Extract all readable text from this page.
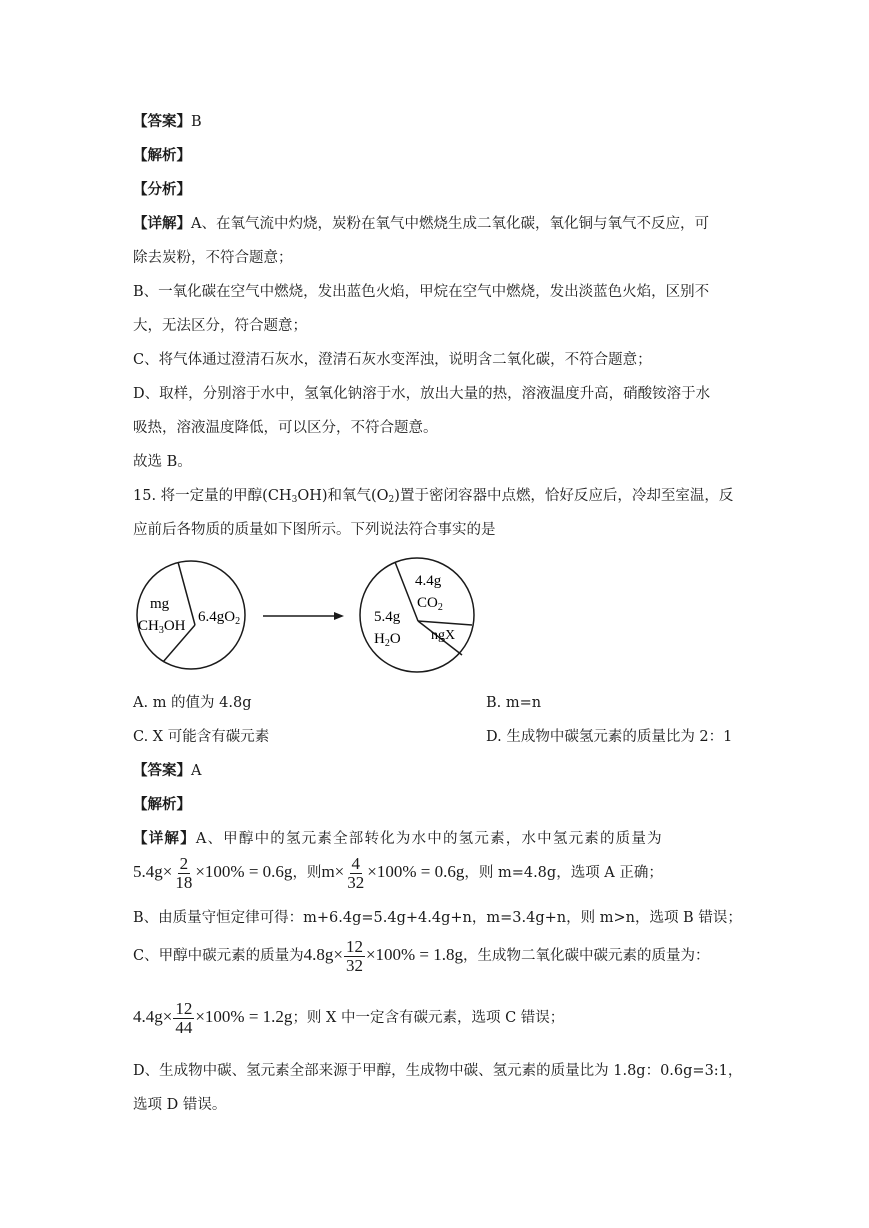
【答案】B
【解析】
【分析】
【详解】A、在氧气流中灼烧，炭粉在氧气中燃烧生成二氧化碳，氧化铜与氧气不反应，可
除去炭粉，不符合题意；
B、一氧化碳在空气中燃烧，发出蓝色火焰，甲烷在空气中燃烧，发出淡蓝色火焰，区别不
大，无法区分，符合题意；
C、将气体通过澄清石灰水，澄清石灰水变浑浊，说明含二氧化碳，不符合题意；
D、取样，分别溶于水中，氢氧化钠溶于水，放出大量的热，溶液温度升高，硝酸铵溶于水
吸热，溶液温度降低，可以区分，不符合题意。
故选 B。
15. 将一定量的甲醇$(CH_3OH)$和氧气$(O_2)$置于密闭容器中点燃，恰好反应后，冷却至室温，反
应前后各物质的质量如下图所示。下列说法符合事实的是
mg
$CH_3OH$
$6.4gO_2$
4.4g
$CO_2$
5.4g
$H_2O$ ngX
A. m 的值为 4.8g	B. m=n
C. X 可能含有碳元素	D. 生成物中碳氢元素的质量比为 2：1
【答案】A
【解析】
【详解】A、甲醇中的氢元素全部转化为水中的氢元素，水中氢元素的质量为
$5.4g\times \frac{2}{18} \times 100\% = 0.6g$，则$m\times \frac{4}{32} \times 100\% = 0.6g$，则 m=4.8g，选项 A 正确；
B、由质量守恒定律可得：m+6.4g=5.4g+4.4g+n，m=3.4g+n，则 m>n，选项 B 错误；
C、甲醇中碳元素的质量为$4.8g\times \frac{12}{32} \times 100\% = 1.8g$，生成物二氧化碳中碳元素的质量为：
$4.4g\times \frac{12}{44} \times 100\% = 1.2g$；则 X 中一定含有碳元素，选项 C 错误；
D、生成物中碳、氢元素全部来源于甲醇，生成物中碳、氢元素的质量比为 1.8g：0.6g=3:1，
选项 D 错误。
